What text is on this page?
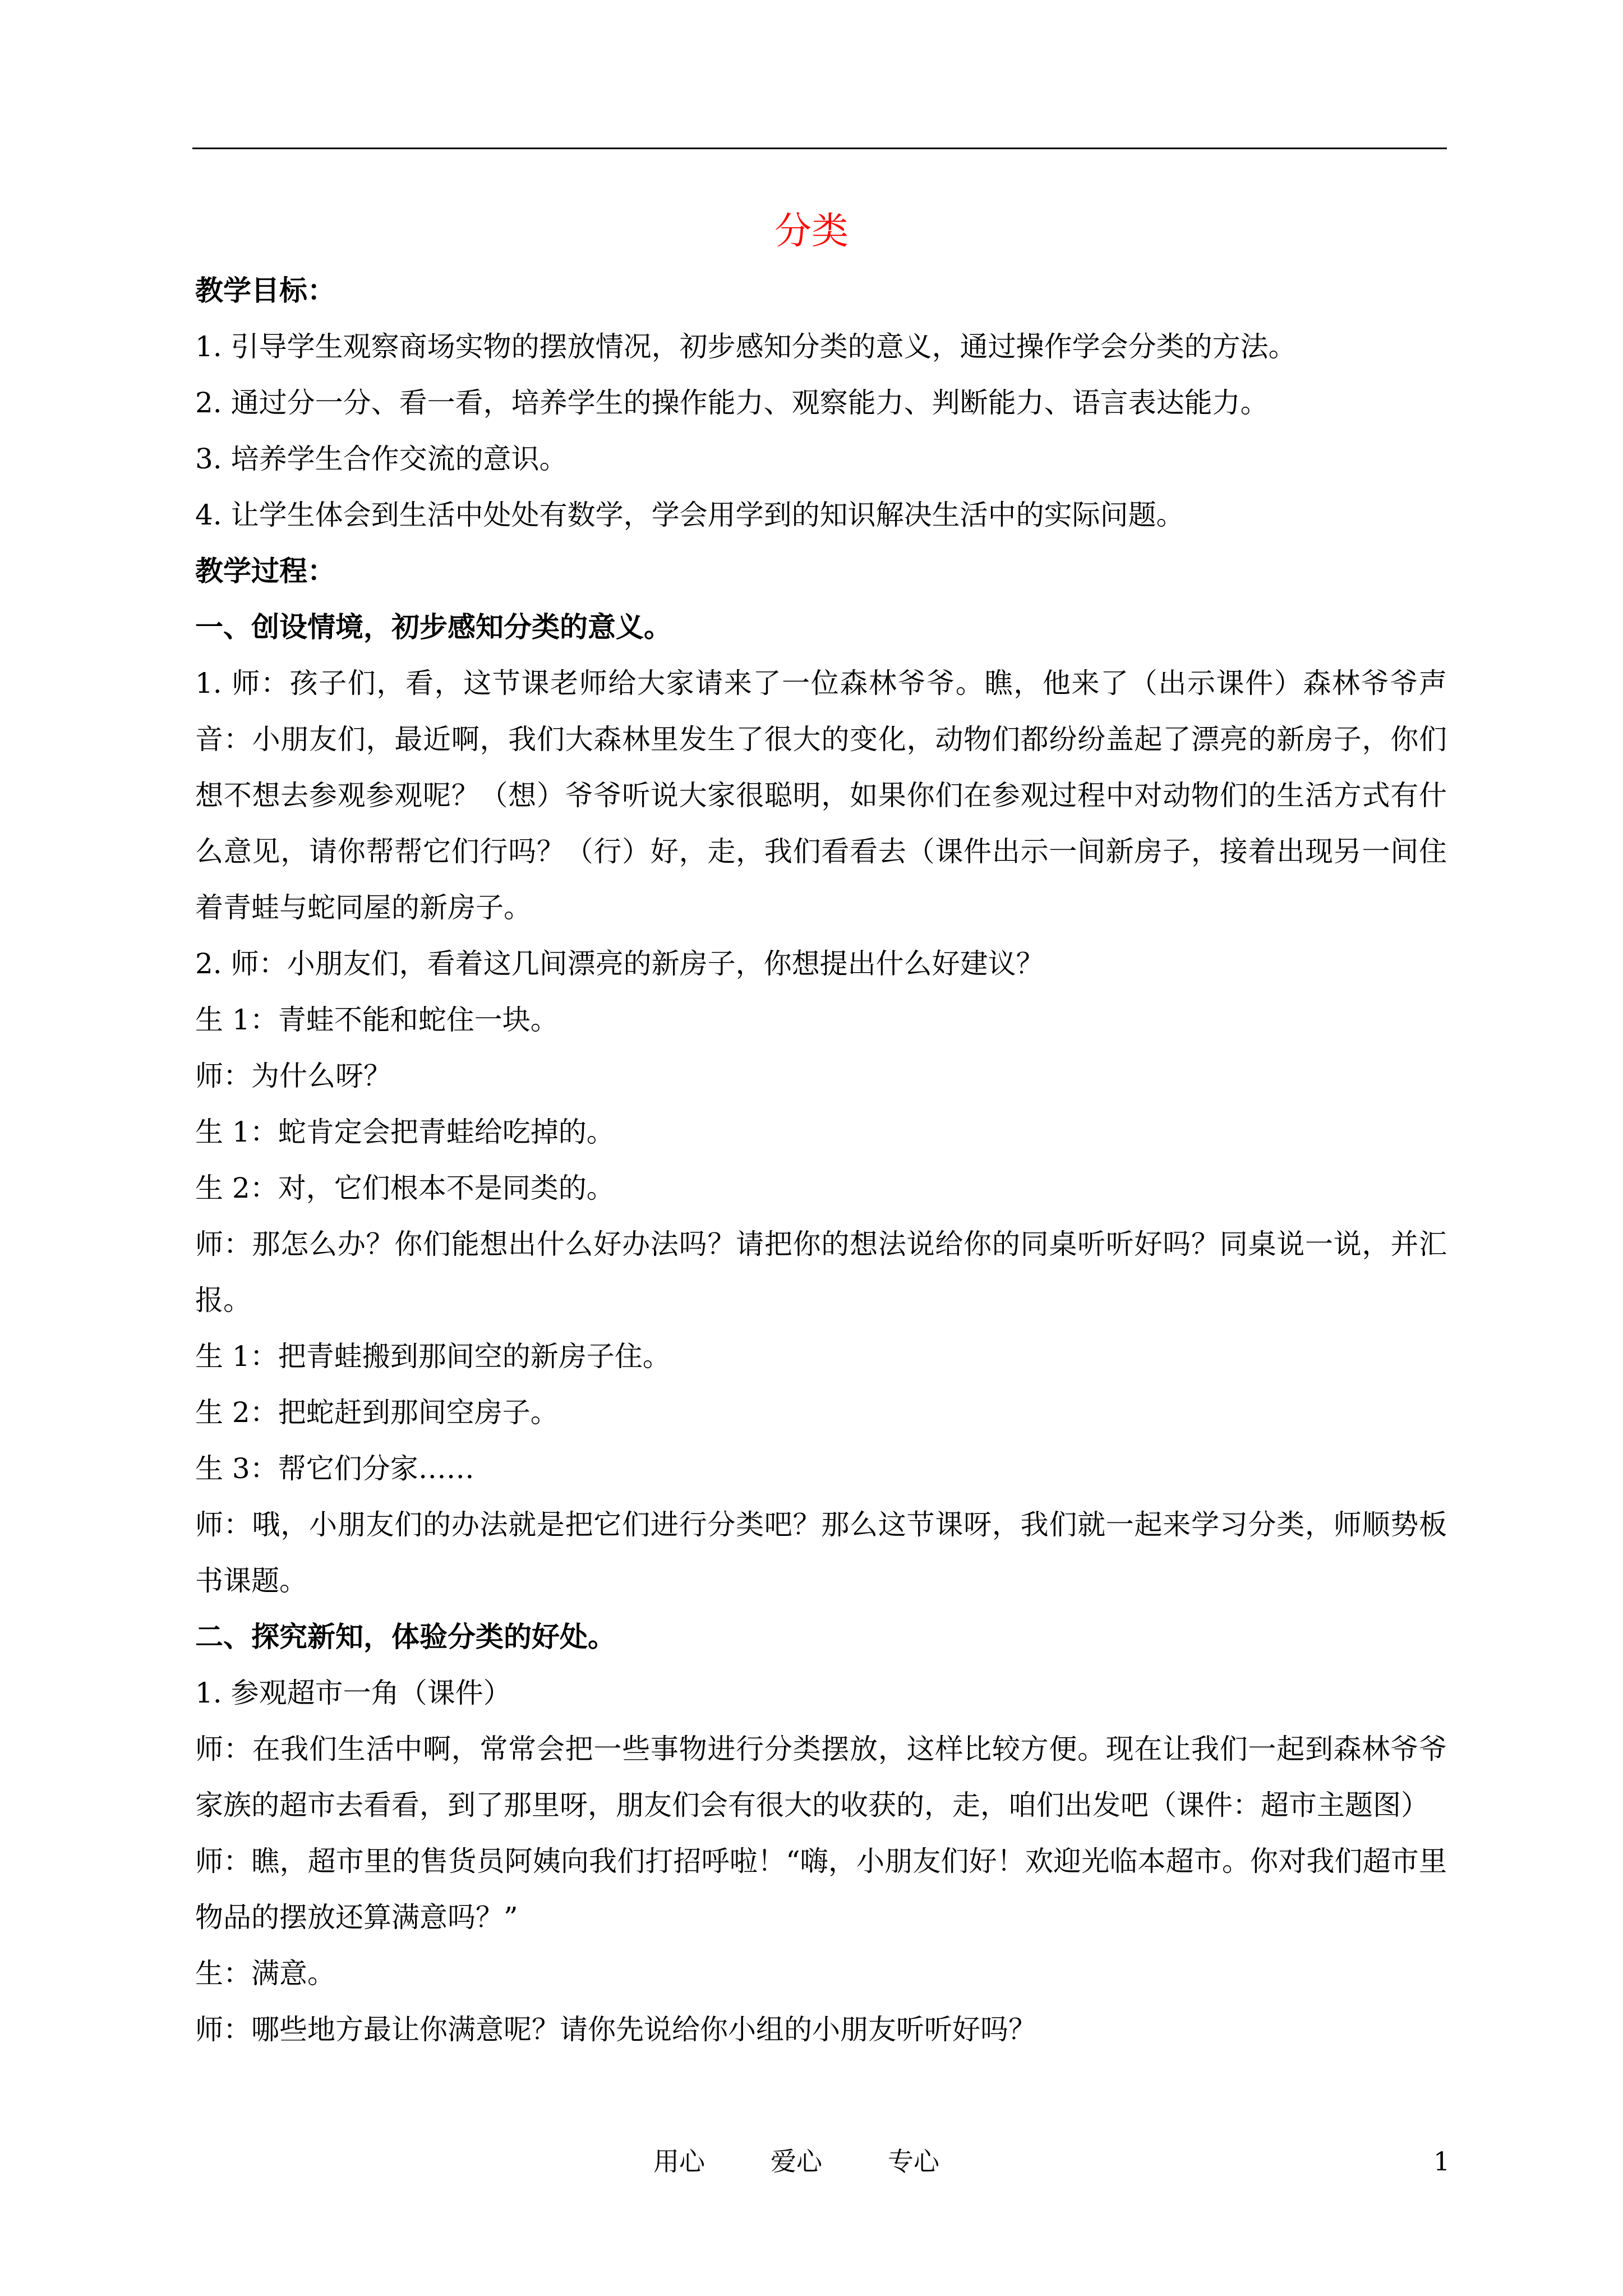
分类

教学目标：

1. 引导学生观察商场实物的摆放情况，初步感知分类的意义，通过操作学会分类的方法。

2. 通过分一分、看一看，培养学生的操作能力、观察能力、判断能力、语言表达能力。

3. 培养学生合作交流的意识。

4. 让学生体会到生活中处处有数学，学会用学到的知识解决生活中的实际问题。

教学过程：

一、创设情境，初步感知分类的意义。

1. 师：孩子们，看，这节课老师给大家请来了一位森林爷爷。瞧，他来了（出示课件）森林爷爷声音：小朋友们，最近啊，我们大森林里发生了很大的变化，动物们都纷纷盖起了漂亮的新房子，你们想不想去参观参观呢？（想）爷爷听说大家很聪明，如果你们在参观过程中对动物们的生活方式有什么意见，请你帮帮它们行吗？（行）好，走，我们看看去（课件出示一间新房子，接着出现另一间住着青蛙与蛇同屋的新房子。

2. 师：小朋友们，看着这几间漂亮的新房子，你想提出什么好建议？

生 1：青蛙不能和蛇住一块。

师：为什么呀？

生 1：蛇肯定会把青蛙给吃掉的。

生 2：对，它们根本不是同类的。

师：那怎么办？你们能想出什么好办法吗？请把你的想法说给你的同桌听听好吗？同桌说一说，并汇报。

生 1：把青蛙搬到那间空的新房子住。

生 2：把蛇赶到那间空房子。

生 3：帮它们分家……

师：哦，小朋友们的办法就是把它们进行分类吧？那么这节课呀，我们就一起来学习分类，师顺势板书课题。

二、探究新知，体验分类的好处。

1. 参观超市一角（课件）

师：在我们生活中啊，常常会把一些事物进行分类摆放，这样比较方便。现在让我们一起到森林爷爷家族的超市去看看，到了那里呀，朋友们会有很大的收获的，走，咱们出发吧（课件：超市主题图）

师：瞧，超市里的售货员阿姨向我们打招呼啦！“嗨，小朋友们好！欢迎光临本超市。你对我们超市里物品的摆放还算满意吗？”

生：满意。

师：哪些地方最让你满意呢？请你先说给你小组的小朋友听听好吗？

用心        爱心        专心	1
